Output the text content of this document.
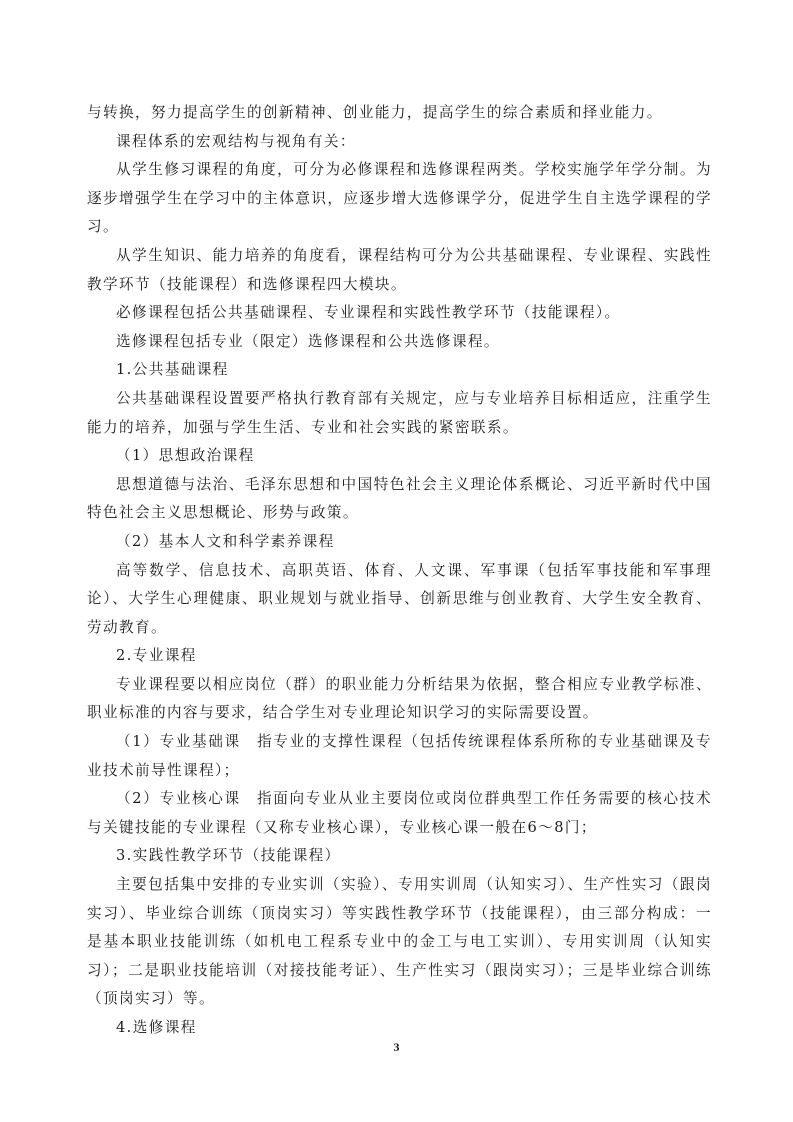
与转换，努力提高学生的创新精神、创业能力，提高学生的综合素质和择业能力。

课程体系的宏观结构与视角有关：

从学生修习课程的角度，可分为必修课程和选修课程两类。学校实施学年学分制。为逐步增强学生在学习中的主体意识，应逐步增大选修课学分，促进学生自主选学课程的学习。

从学生知识、能力培养的角度看，课程结构可分为公共基础课程、专业课程、实践性教学环节（技能课程）和选修课程四大模块。

必修课程包括公共基础课程、专业课程和实践性教学环节（技能课程）。

选修课程包括专业（限定）选修课程和公共选修课程。

1.公共基础课程

公共基础课程设置要严格执行教育部有关规定，应与专业培养目标相适应，注重学生能力的培养，加强与学生生活、专业和社会实践的紧密联系。

（1）思想政治课程

思想道德与法治、毛泽东思想和中国特色社会主义理论体系概论、习近平新时代中国特色社会主义思想概论、形势与政策。

（2）基本人文和科学素养课程

高等数学、信息技术、高职英语、体育、人文课、军事课（包括军事技能和军事理论）、大学生心理健康、职业规划与就业指导、创新思维与创业教育、大学生安全教育、劳动教育。

2.专业课程

专业课程要以相应岗位（群）的职业能力分析结果为依据，整合相应专业教学标准、职业标准的内容与要求，结合学生对专业理论知识学习的实际需要设置。

（1）专业基础课　指专业的支撑性课程（包括传统课程体系所称的专业基础课及专业技术前导性课程）；

（2）专业核心课　指面向专业从业主要岗位或岗位群典型工作任务需要的核心技术与关键技能的专业课程（又称专业核心课），专业核心课一般在6～8门；

3.实践性教学环节（技能课程）

主要包括集中安排的专业实训（实验）、专用实训周（认知实习）、生产性实习（跟岗实习）、毕业综合训练（顶岗实习）等实践性教学环节（技能课程），由三部分构成：一是基本职业技能训练（如机电工程系专业中的金工与电工实训）、专用实训周（认知实习）；二是职业技能培训（对接技能考证）、生产性实习（跟岗实习）；三是毕业综合训练（顶岗实习）等。

4.选修课程

3
